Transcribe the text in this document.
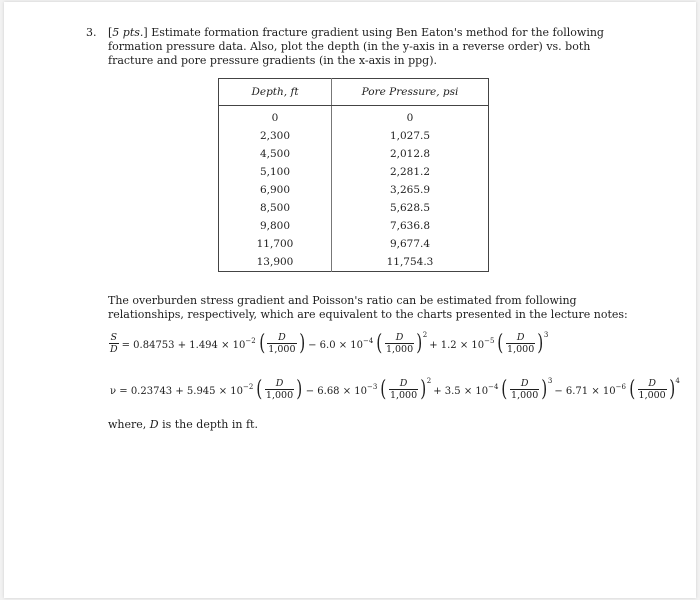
3. [5 pts.] Estimate formation fracture gradient using Ben Eaton's method for the following formation pressure data. Also, plot the depth (in the y-axis in a reverse order) vs. both fracture and pore pressure gradients (in the x-axis in ppg).

Depth, ft	Pore Pressure, psi
0	0
2,300	1,027.5
4,500	2,012.8
5,100	2,281.2
6,900	3,265.9
8,500	5,628.5
9,800	7,636.8
11,700	9,677.4
13,900	11,754.3

The overburden stress gradient and Poisson's ratio can be estimated from following relationships, respectively, which are equivalent to the charts presented in the lecture notes:

$\frac{S}{D} = 0.84753 + 1.494 \times 10^{-2}$ ( $\frac{D}{1,000}$ ) − $6.0 \times 10^{-4}$ ( $\frac{D}{1,000} )^2$
+ $1.2 \times 10^{-5}$ ( $\frac{D}{1,000} )^3$
$\nu = 0.23743 + 5.945 \times 10^{-2}$ ( $\frac{D}{1,000}$ ) − $6.68 \times 10^{-3}$ ( $\frac{D}{1,000} )^2$
+ $3.5 \times 10^{-4}$ ( $\frac{D}{1,000} )^3$
− $6.71 \times 10^{-6}$ ( $\frac{D}{1,000} )^4$

where, D is the depth in ft.
